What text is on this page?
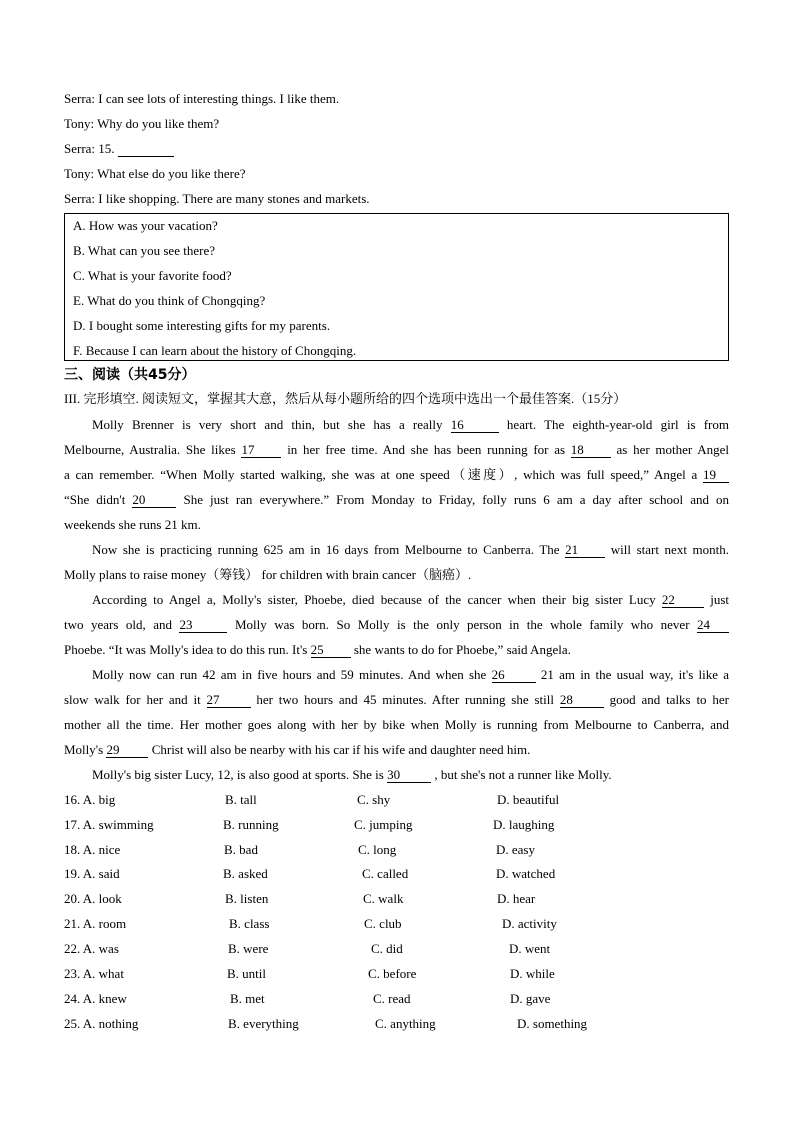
Serra: I can see lots of interesting things. I like them.
Tony: Why do you like them?
Serra: 15.
Tony: What else do you like there?
Serra: I like shopping. There are many stones and markets.
A. How was your vacation?
B. What can you see there?
C. What is your favorite food?
E. What do you think of Chongqing?
D. I bought some interesting gifts for my parents.
F. Because I can learn about the history of Chongqing.
三、阅读（共45分）
III. 完形填空. 阅读短文，掌握其大意，然后从每小题所给的四个选项中选出一个最佳答案.（15分）
Molly Brenner is very short and thin, but she has a really 16	heart. The eighth-year-old girl is from
Melbourne, Australia. She likes 17	in her free time. And she has been running for as 18	as her mother Angel
a can remember. “When Molly started walking, she was at one speed（速度）, which was full speed,” Angel a 19
“She didn't 20	She just ran everywhere.” From Monday to Friday, folly runs 6 am a day after school and on
weekends she runs 21 km.
Now she is practicing running 625 am in 16 days from Melbourne to Canberra. The 21	will start next month.
Molly plans to raise money（筹钱） for children with brain cancer（脑癌）.
According to Angel a, Molly's sister, Phoebe, died because of the cancer when their big sister Lucy 22	just
two years old, and 23	Molly was born. So Molly is the only person in the whole family who never 24
Phoebe. “It was Molly's idea to do this run. It's 25 she wants to do for Phoebe,” said Angela.
Molly now can run 42 am in five hours and 59 minutes. And when she 26	21 am in the usual way, it's like a
slow walk for her and it 27	her two hours and 45 minutes. After running she still 28	good and talks to her
mother all the time. Her mother goes along with her by bike when Molly is running from Melbourne to Canberra, and
Molly's 29 Christ will also be nearby with his car if his wife and daughter need him.
Molly's big sister Lucy, 12, is also good at sports. She is 30	, but she's not a runner like Molly.
16. A. big	B. tall	C. shy	D. beautiful
17. A. swimming	B. running	C. jumping	D. laughing
18. A. nice	B. bad	C. long	D. easy
19. A. said	B. asked	C. called	D. watched
20. A. look	B. listen	C. walk	D. hear
21. A. room	B. class	C. club	D. activity
22. A. was	B. were	C. did	D. went
23. A. what	B. until	C. before	D. while
24. A. knew	B. met	C. read	D. gave
25. A. nothing	B. everything	C. anything	D. something
